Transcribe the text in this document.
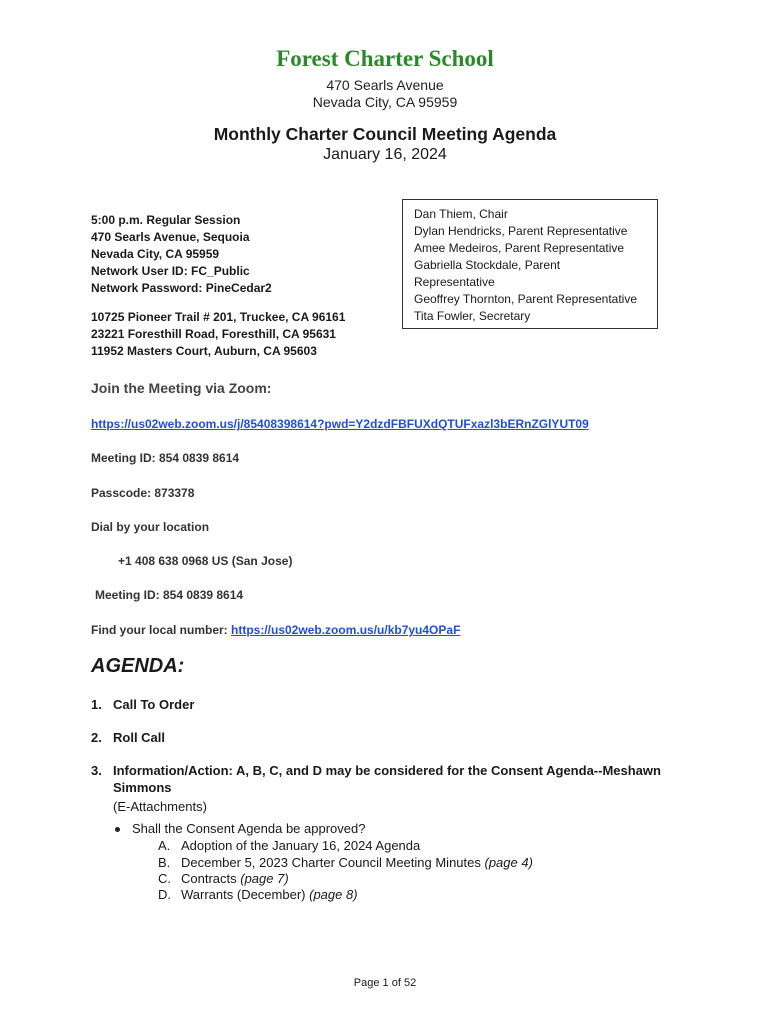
Forest Charter School
470 Searls Avenue
Nevada City, CA 95959
Monthly Charter Council Meeting Agenda
January 16, 2024
5:00 p.m. Regular Session
470 Searls Avenue, Sequoia
Nevada City, CA 95959
Network User ID: FC_Public
Network Password: PineCedar2
10725 Pioneer Trail # 201, Truckee, CA 96161
23221 Foresthill Road, Foresthill, CA 95631
11952 Masters Court, Auburn, CA 95603
Dan Thiem, Chair
Dylan Hendricks, Parent Representative
Amee Medeiros, Parent Representative
Gabriella Stockdale, Parent
Representative
Geoffrey Thornton, Parent Representative
Tita Fowler, Secretary
Join the Meeting via Zoom:
https://us02web.zoom.us/j/85408398614?pwd=Y2dzdFBFUXdQTUFxazl3bERnZGlYUT09
Meeting ID: 854 0839 8614
Passcode: 873378
Dial by your location
+1 408 638 0968 US (San Jose)
Meeting ID: 854 0839 8614
Find your local number: https://us02web.zoom.us/u/kb7yu4OPaF
AGENDA:
1. Call To Order
2. Roll Call
3. Information/Action: A, B, C, and D may be considered for the Consent Agenda--Meshawn
Simmons
(E-Attachments)
Shall the Consent Agenda be approved?
A. Adoption of the January 16, 2024 Agenda
B. December 5, 2023 Charter Council Meeting Minutes (page 4)
C. Contracts (page 7)
D. Warrants (December) (page 8)
Page 1 of 52
